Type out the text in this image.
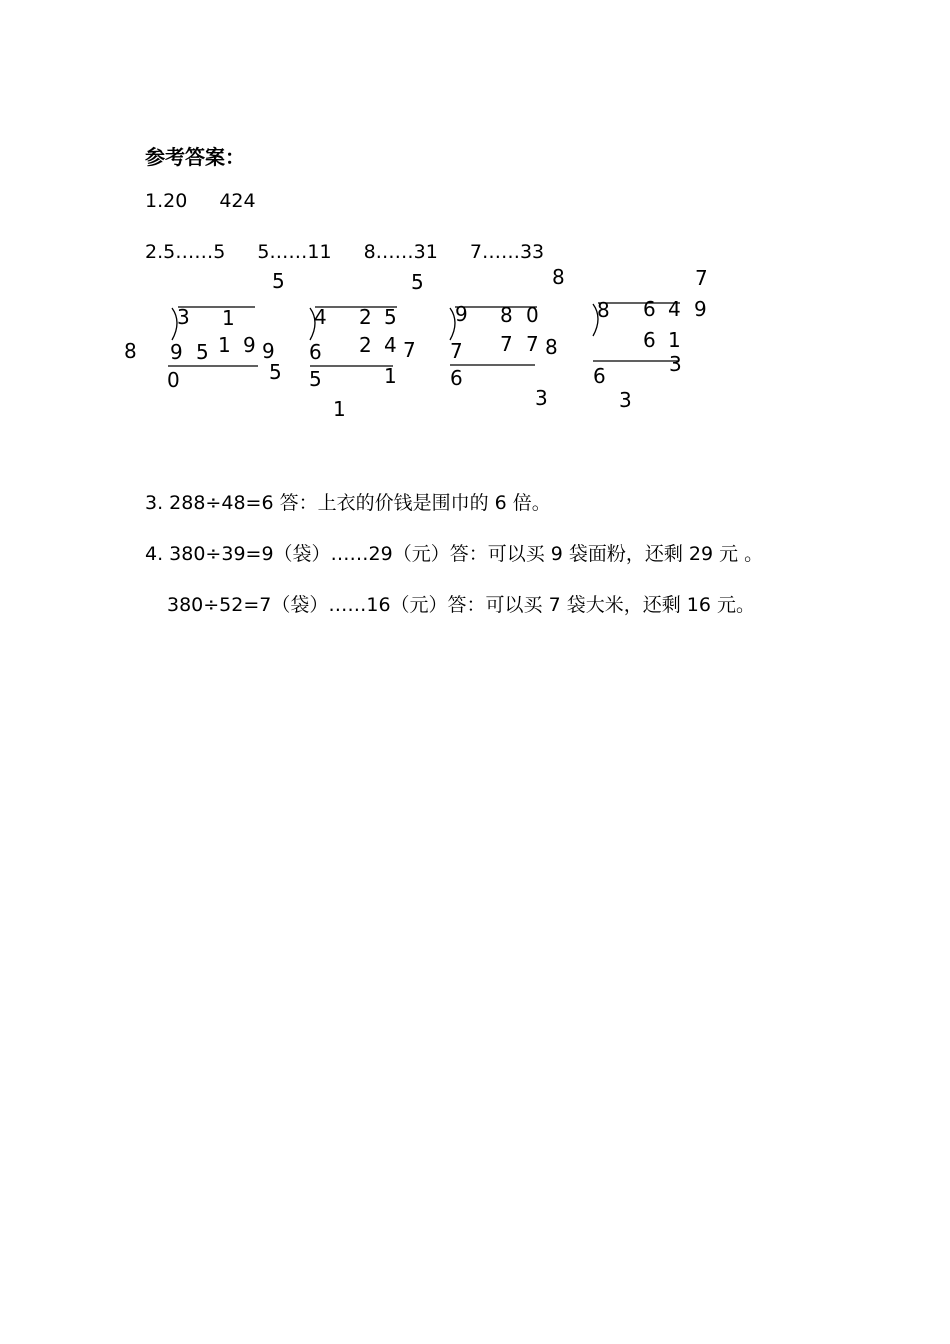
参考答案：
1.20 424
2.5……5 5……11 8……31 7……33
5	5	8	7
3 1	4 2 5	9 8 0	8 6 4 9
8 9 5 1 9 9 6 2 4 7 7 7 7 8	6 1
0	5 5	1	6
3
6
1	3	3
3. 288÷48=6 答：上衣的价钱是围巾的 6 倍。
4. 380÷39=9（袋）……29（元）答：可以买 9 袋面粉，还剩 29 元 。
380÷52=7（袋）……16（元）答：可以买 7 袋大米，还剩 16 元。
